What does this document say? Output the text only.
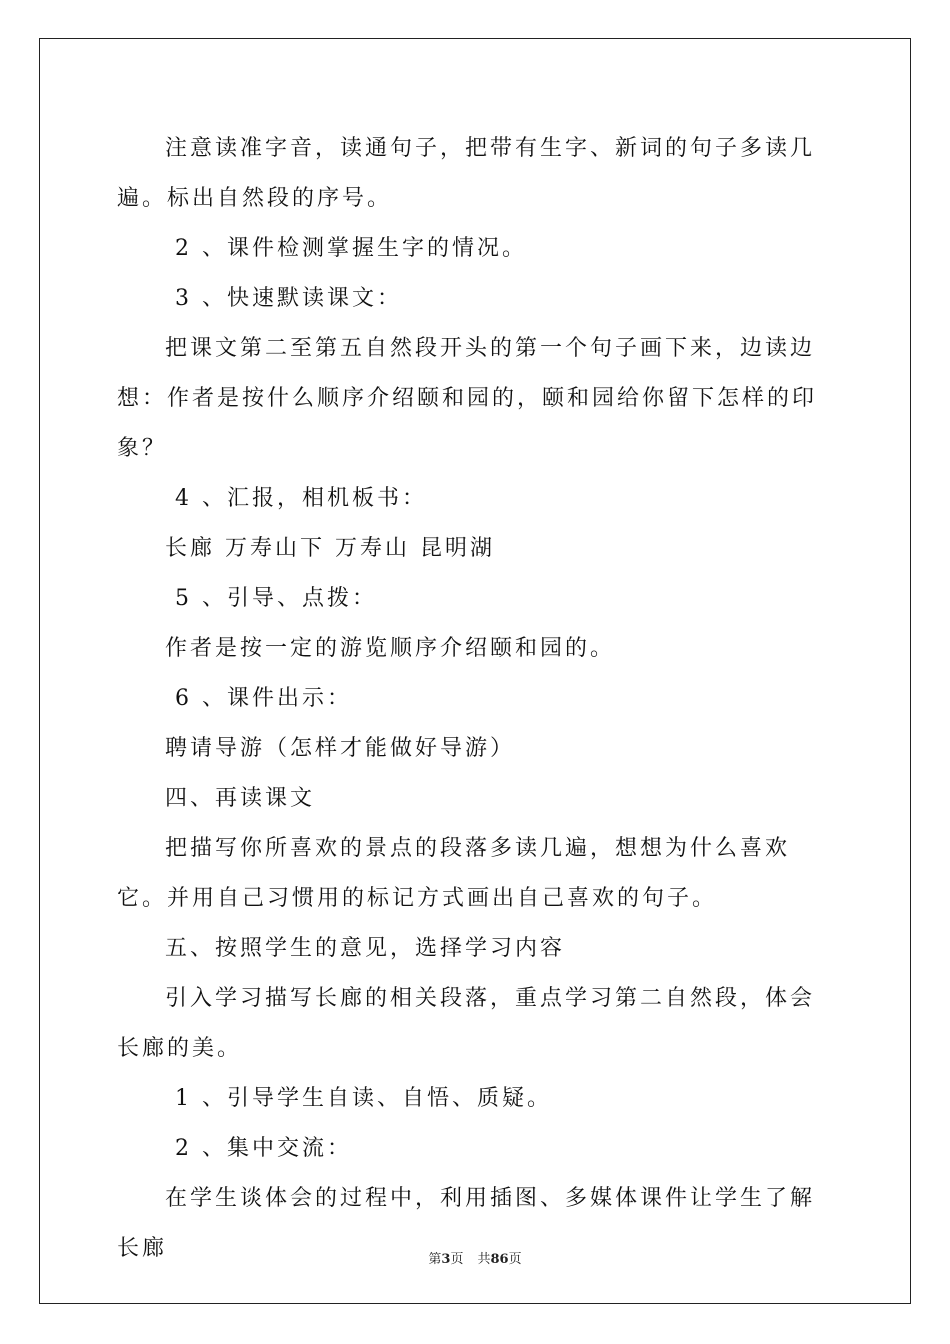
注意读准字音，读通句子，把带有生字、新词的句子多读几遍。标出自然段的序号。

2 、课件检测掌握生字的情况。

3 、快速默读课文：

把课文第二至第五自然段开头的第一个句子画下来，边读边想：作者是按什么顺序介绍颐和园的，颐和园给你留下怎样的印象？

4 、汇报，相机板书：

长廊 万寿山下 万寿山 昆明湖

5 、引导、点拨：

作者是按一定的游览顺序介绍颐和园的。

6 、课件出示：

聘请导游（怎样才能做好导游）

四、再读课文

把描写你所喜欢的景点的段落多读几遍，想想为什么喜欢它。并用自己习惯用的标记方式画出自己喜欢的句子。

五、按照学生的意见，选择学习内容

引入学习描写长廊的相关段落，重点学习第二自然段，体会长廊的美。

1 、引导学生自读、自悟、质疑。

2 、集中交流：

在学生谈体会的过程中，利用插图、多媒体课件让学生了解长廊	第3页 共86页
